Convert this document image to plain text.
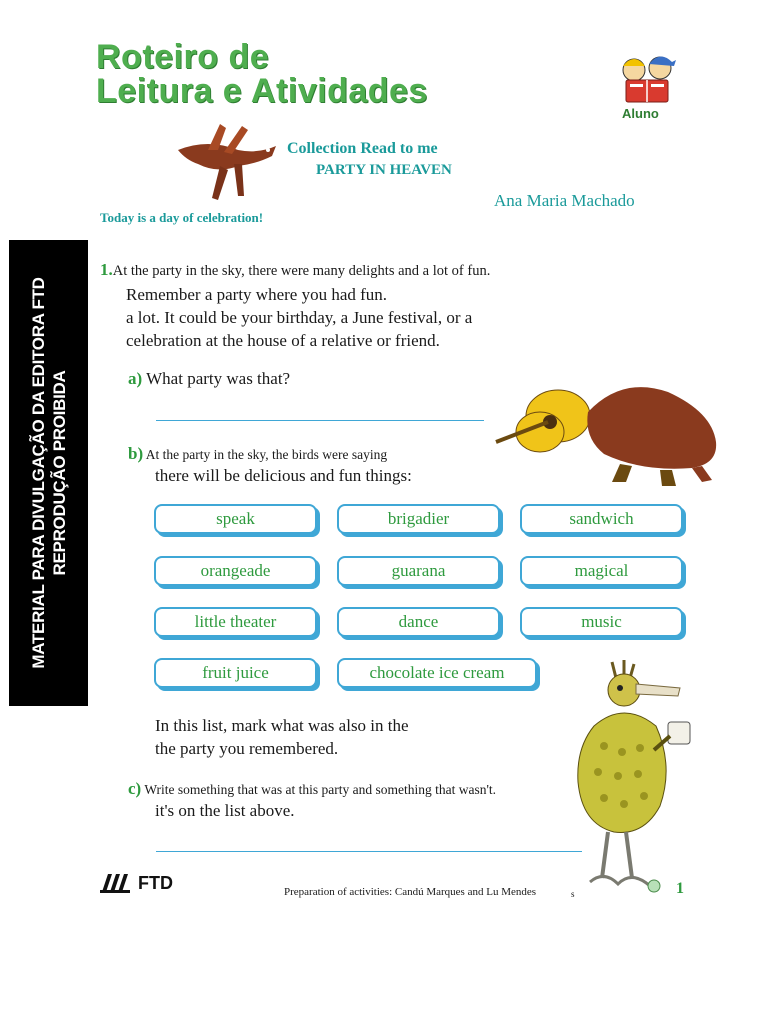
Roteiro de
Leitura e Atividades
Aluno
Collection Read to me
PARTY IN HEAVEN
Ana Maria Machado
Today is a day of celebration!
MATERIAL PARA DIVULGAÇÃO DA EDITORA FTD REPRODUÇÃO PROIBIDA
1.At the party in the sky, there were many delights and a lot of fun.
Remember a party where you had fun.
a lot. It could be your birthday, a June festival, or a
celebration at the house of a relative or friend.
a) What party was that?
b) At the party in the sky, the birds were saying
there will be delicious and fun things:
speak	brigadier	sandwich
orangeade	guarana	magical
little theater	dance	music
fruit juice	chocolate ice cream
In this list, mark what was also in the
the party you remembered.
c) Write something that was at this party and something that wasn't.
it's on the list above.
FTD	Preparation of activities: Candú Marques and Lu Mendes	s	1
